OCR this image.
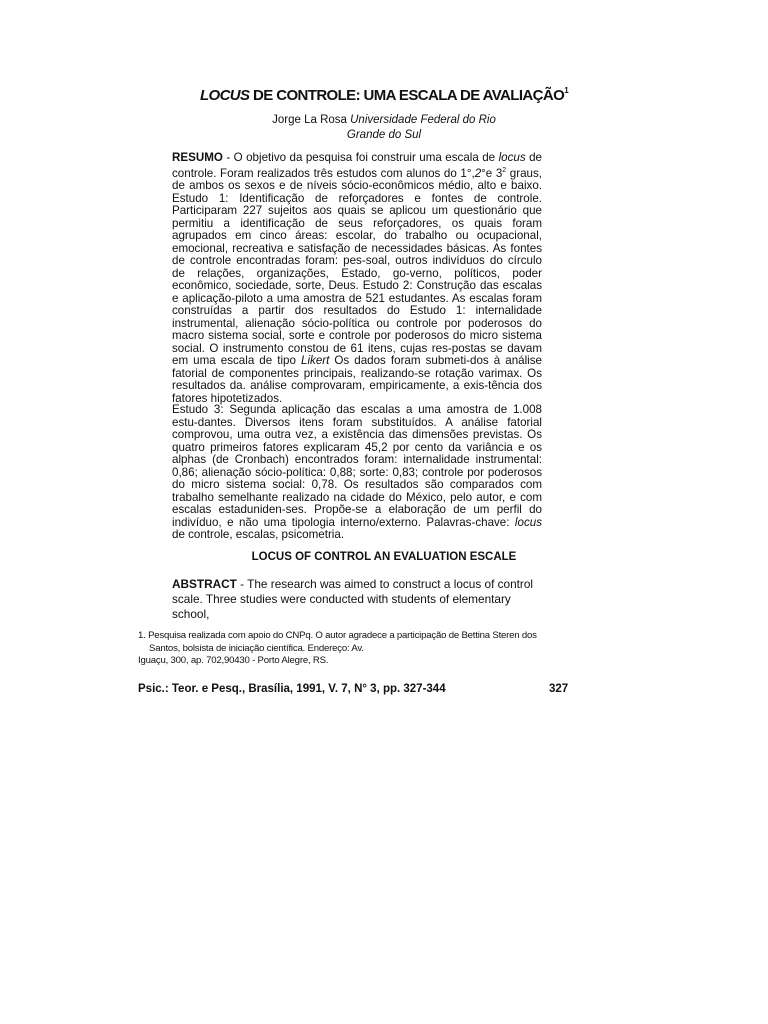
LOCUS DE CONTROLE: UMA ESCALA DE AVALIAÇÃO$^1$
Jorge La Rosa Universidade Federal do Rio
Grande do Sul
RESUMO - O objetivo da pesquisa foi construir uma escala de locus de controle. Foram realizados três estudos com alunos do 1°,2°e $3^2$ graus, de ambos os sexos e de níveis sócio-econômicos médio, alto e baixo. Estudo 1: Identificação de reforçadores e fontes de controle. Participaram 227 sujeitos aos quais se aplicou um questionário que permitiu a identificação de seus reforçadores, os quais foram agrupados em cinco áreas: escolar, do trabalho ou ocupacional, emocional, recreativa e satisfação de necessidades básicas. As fontes de controle encontradas foram: pes-soal, outros indivíduos do círculo de relações, organizações, Estado, go-verno, políticos, poder econômico, sociedade, sorte, Deus. Estudo 2: Construção das escalas e aplicação-piloto a uma amostra de 521 estudantes. As escalas foram construídas a partir dos resultados do Estudo 1: internalidade instrumental, alienação sócio-política ou controle por poderosos do macro sistema social, sorte e controle por poderosos do micro sistema social. O instrumento constou de 61 itens, cujas res-postas se davam em uma escala de tipo Likert Os dados foram submeti-dos à análise fatorial de componentes principais, realizando-se rotação varimax. Os resultados da. análise comprovaram, empiricamente, a exis-tência dos fatores hipotetizados.
Estudo 3: Segunda aplicação das escalas a uma amostra de 1.008 estu-dantes. Diversos itens foram substituídos. A análise fatorial comprovou, uma outra vez, a existência das dimensões previstas. Os quatro primeiros fatores explicaram 45,2 por cento da variância e os alphas (de Cronbach) encontrados foram: internalidade instrumental: 0,86; alienação sócio-política: 0,88; sorte: 0,83; controle por poderosos do micro sistema social: 0,78. Os resultados são comparados com trabalho semelhante realizado na cidade do México, pelo autor, e com escalas estaduniden-ses. Propõe-se a elaboração de um perfil do indivíduo, e não uma tipologia interno/externo. Palavras-chave: locus de controle, escalas, psicometria.
LOCUS OF CONTROL AN EVALUATION ESCALE
ABSTRACT - The research was aimed to construct a locus of control
scale. Three studies were conducted with students of elementary school,
1. Pesquisa realizada com apoio do CNPq. O autor agradece a participação de Bettina Steren dos
Santos, bolsista de iniciação científica. Endereço: Av.
Iguaçu, 300, ap. 702,90430 - Porto Alegre, RS.
Psic.: Teor. e Pesq., Brasília, 1991, V. 7, N° 3, pp. 327-344	327
